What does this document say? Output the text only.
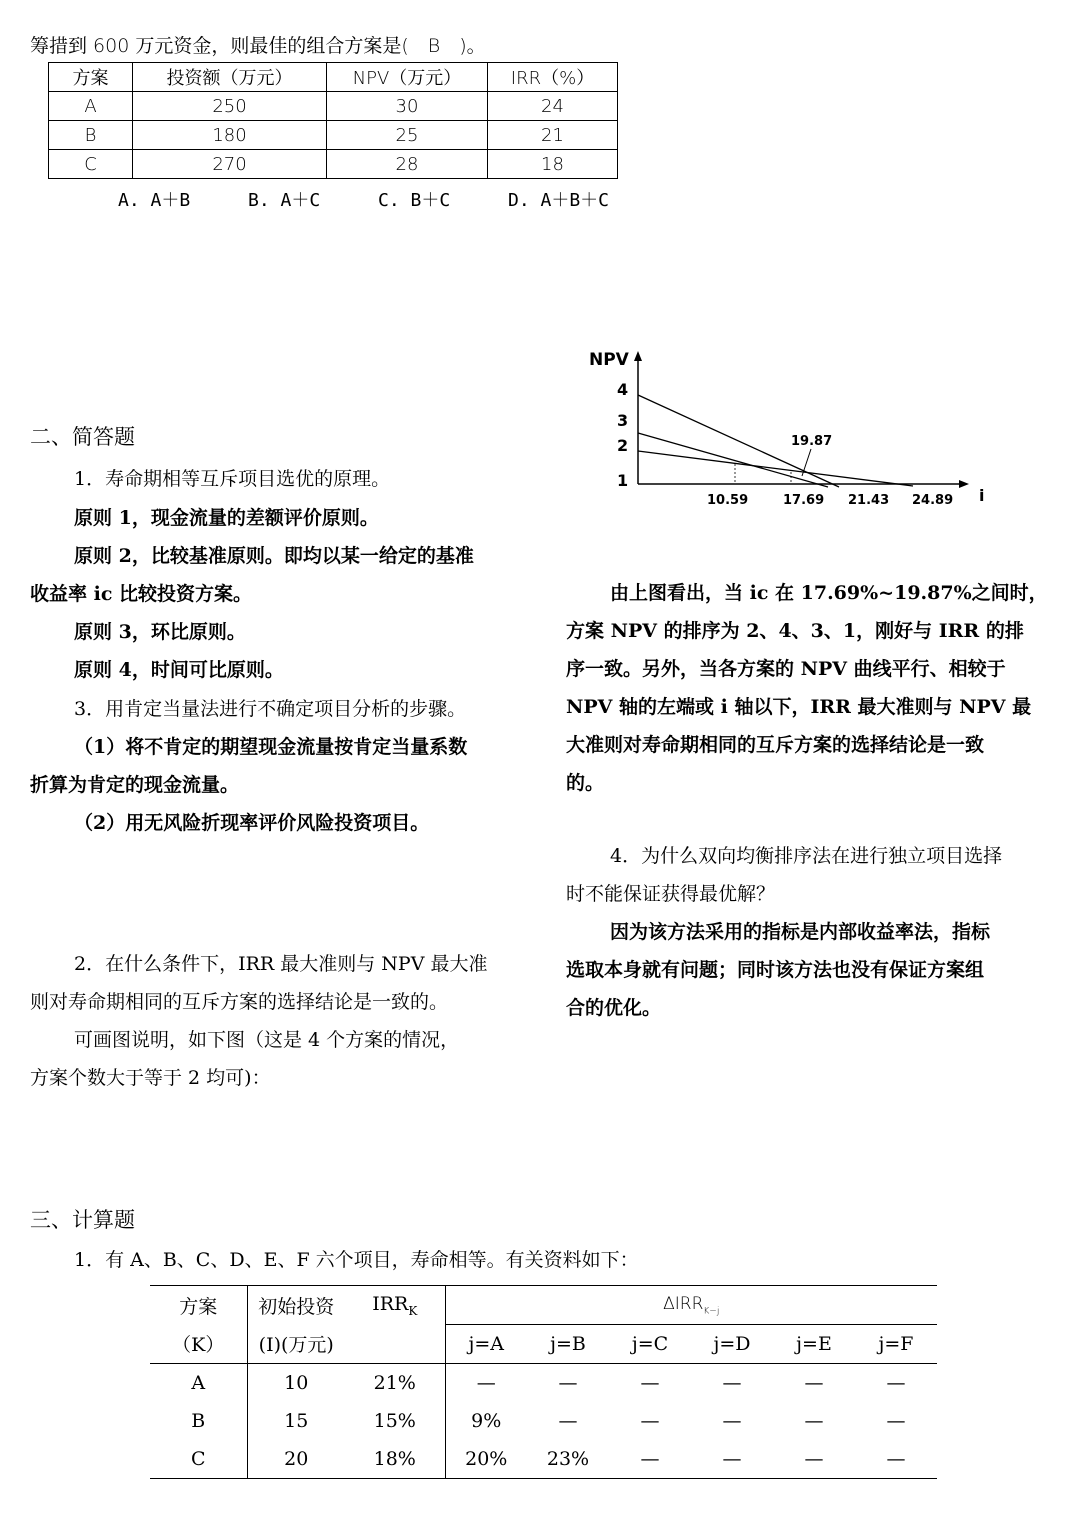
筹措到 600 万元资金，则最佳的组合方案是(　B　)。
方案	投资额（万元）	NPV（万元）	IRR（%）
A	250	30	24
B	180	25	21
C	270	28	18
A. A＋B	B. A＋C	C. B＋C	D. A＋B＋C
二、简答题
1．寿命期相等互斥项目选优的原理。
原则 1，现金流量的差额评价原则。
原则 2，比较基准原则。即均以某一给定的基准
收益率 ic 比较投资方案。
原则 3，环比原则。
原则 4，时间可比原则。
3．用肯定当量法进行不确定项目分析的步骤。
（1）将不肯定的期望现金流量按肯定当量系数
折算为肯定的现金流量。
（2）用无风险折现率评价风险投资项目。
2．在什么条件下，IRR 最大准则与 NPV 最大准
则对寿命期相同的互斥方案的选择结论是一致的。
可画图说明，如下图（这是 4 个方案的情况，
方案个数大于等于 2 均可)：
NPV
i
4
3
2
1
10.59	17.69 21.43 24.89
19.87
由上图看出，当 ic 在 17.69%~19.87%之间时，
方案 NPV 的排序为 2、4、3、1，刚好与 IRR 的排
序一致。另外，当各方案的 NPV 曲线平行、相较于
NPV 轴的左端或 i 轴以下，IRR 最大准则与 NPV 最
大准则对寿命期相同的互斥方案的选择结论是一致
的。
4．为什么双向均衡排序法在进行独立项目选择
时不能保证获得最优解？
因为该方法采用的指标是内部收益率法，指标
选取本身就有问题；同时该方法也没有保证方案组
合的优化。
三、计算题
1．有 A、B、C、D、E、F 六个项目，寿命相等。有关资料如下：
方案	初始投资	$IRR_K$	$\Delta IRR_{K-j}$
（K）	(I)(万元)		j=A	j=B	j=C	j=D	j=E	j=F
A	10	21%	—	—	—	—	—	—
B	15	15%	9%	—	—	—	—	—
C	20	18%	20%	23%	—	—	—	—
